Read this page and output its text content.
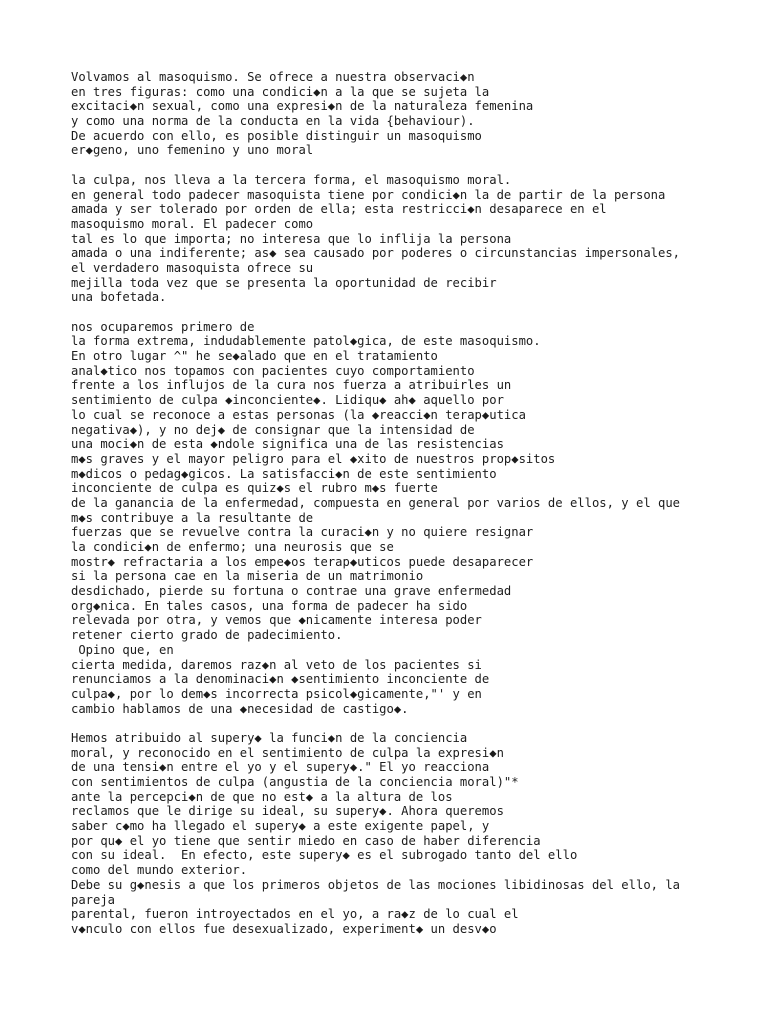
Volvamos al masoquismo. Se ofrece a nuestra observaci◆n
en tres figuras: como una condici◆n a la que se sujeta la
excitaci◆n sexual, como una expresi◆n de la naturaleza femenina
y como una norma de la conducta en la vida {behaviour).
De acuerdo con ello, es posible distinguir un masoquismo
er◆geno, uno femenino y uno moral
la culpa, nos lleva a la tercera forma, el masoquismo moral.
en general todo padecer masoquista tiene por condici◆n la de partir de la persona
amada y ser tolerado por orden de ella; esta restricci◆n desaparece en el
masoquismo moral. El padecer como
tal es lo que importa; no interesa que lo inflija la persona
amada o una indiferente; as◆ sea causado por poderes o circunstancias impersonales,
el verdadero masoquista ofrece su
mejilla toda vez que se presenta la oportunidad de recibir
una bofetada.
nos ocuparemos primero de
la forma extrema, indudablemente patol◆gica, de este masoquismo.
En otro lugar ^" he se◆alado que en el tratamiento
anal◆tico nos topamos con pacientes cuyo comportamiento
frente a los influjos de la cura nos fuerza a atribuirles un
sentimiento de culpa ◆inconciente◆. Lidiqu◆ ah◆ aquello por
lo cual se reconoce a estas personas (la ◆reacci◆n terap◆utica
negativa◆), y no dej◆ de consignar que la intensidad de
una moci◆n de esta ◆ndole significa una de las resistencias
m◆s graves y el mayor peligro para el ◆xito de nuestros prop◆sitos
m◆dicos o pedag◆gicos. La satisfacci◆n de este sentimiento
inconciente de culpa es quiz◆s el rubro m◆s fuerte
de la ganancia de la enfermedad, compuesta en general por varios de ellos, y el que
m◆s contribuye a la resultante de
fuerzas que se revuelve contra la curaci◆n y no quiere resignar
la condici◆n de enfermo; una neurosis que se
mostr◆ refractaria a los empe◆os terap◆uticos puede desaparecer
si la persona cae en la miseria de un matrimonio
desdichado, pierde su fortuna o contrae una grave enfermedad
org◆nica. En tales casos, una forma de padecer ha sido
relevada por otra, y vemos que ◆nicamente interesa poder
retener cierto grado de padecimiento.
Opino que, en
cierta medida, daremos raz◆n al veto de los pacientes si
renunciamos a la denominaci◆n ◆sentimiento inconciente de
culpa◆, por lo dem◆s incorrecta psicol◆gicamente,"' y en
cambio hablamos de una ◆necesidad de castigo◆.
Hemos atribuido al supery◆ la funci◆n de la conciencia
moral, y reconocido en el sentimiento de culpa la expresi◆n
de una tensi◆n entre el yo y el supery◆." El yo reacciona
con sentimientos de culpa (angustia de la conciencia moral)"*
ante la percepci◆n de que no est◆ a la altura de los
reclamos que le dirige su ideal, su supery◆. Ahora queremos
saber c◆mo ha llegado el supery◆ a este exigente papel, y
por qu◆ el yo tiene que sentir miedo en caso de haber diferencia
con su ideal.  En efecto, este supery◆ es el subrogado tanto del ello
como del mundo exterior.
Debe su g◆nesis a que los primeros objetos de las mociones libidinosas del ello, la
pareja
parental, fueron introyectados en el yo, a ra◆z de lo cual el
v◆nculo con ellos fue desexualizado, experiment◆ un desv◆o
